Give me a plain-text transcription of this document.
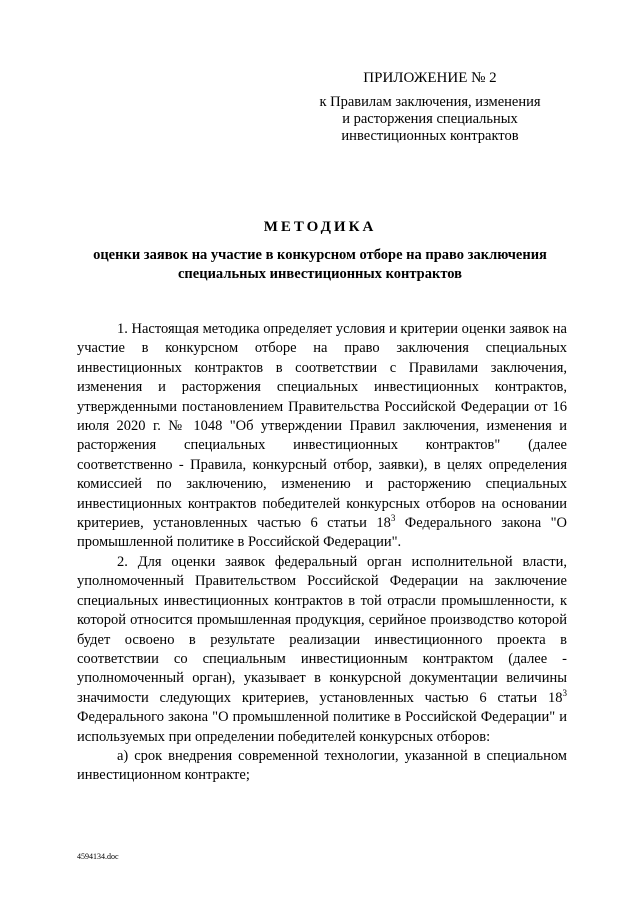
ПРИЛОЖЕНИЕ № 2
к Правилам заключения, изменения
и расторжения специальных
инвестиционных контрактов
МЕТОДИКА
оценки заявок на участие в конкурсном отборе на право заключения
специальных инвестиционных контрактов

1. Настоящая методика определяет условия и критерии оценки заявок на участие в конкурсном отборе на право заключения специальных инвестиционных контрактов в соответствии с Правилами заключения, изменения и расторжения специальных инвестиционных контрактов, утвержденными постановлением Правительства Российской Федерации от 16 июля 2020 г. № 1048 "Об утверждении Правил заключения, изменения и расторжения специальных инвестиционных контрактов" (далее соответственно - Правила, конкурсный отбор, заявки), в целях определения комиссией по заключению, изменению и расторжению специальных инвестиционных контрактов победителей конкурсных отборов на основании критериев, установленных частью 6 статьи $18^3$ Федерального закона "О промышленной политике в Российской Федерации".

2. Для оценки заявок федеральный орган исполнительной власти, уполномоченный Правительством Российской Федерации на заключение специальных инвестиционных контрактов в той отрасли промышленности, к которой относится промышленная продукция, серийное производство которой будет освоено в результате реализации инвестиционного проекта в соответствии со специальным инвестиционным контрактом (далее - уполномоченный орган), указывает в конкурсной документации величины значимости следующих критериев, установленных частью 6 статьи $18^3$ Федерального закона "О промышленной политике в Российской Федерации" и используемых при определении победителей конкурсных отборов:

а) срок внедрения современной технологии, указанной в специальном инвестиционном контракте;

4594134.doc
